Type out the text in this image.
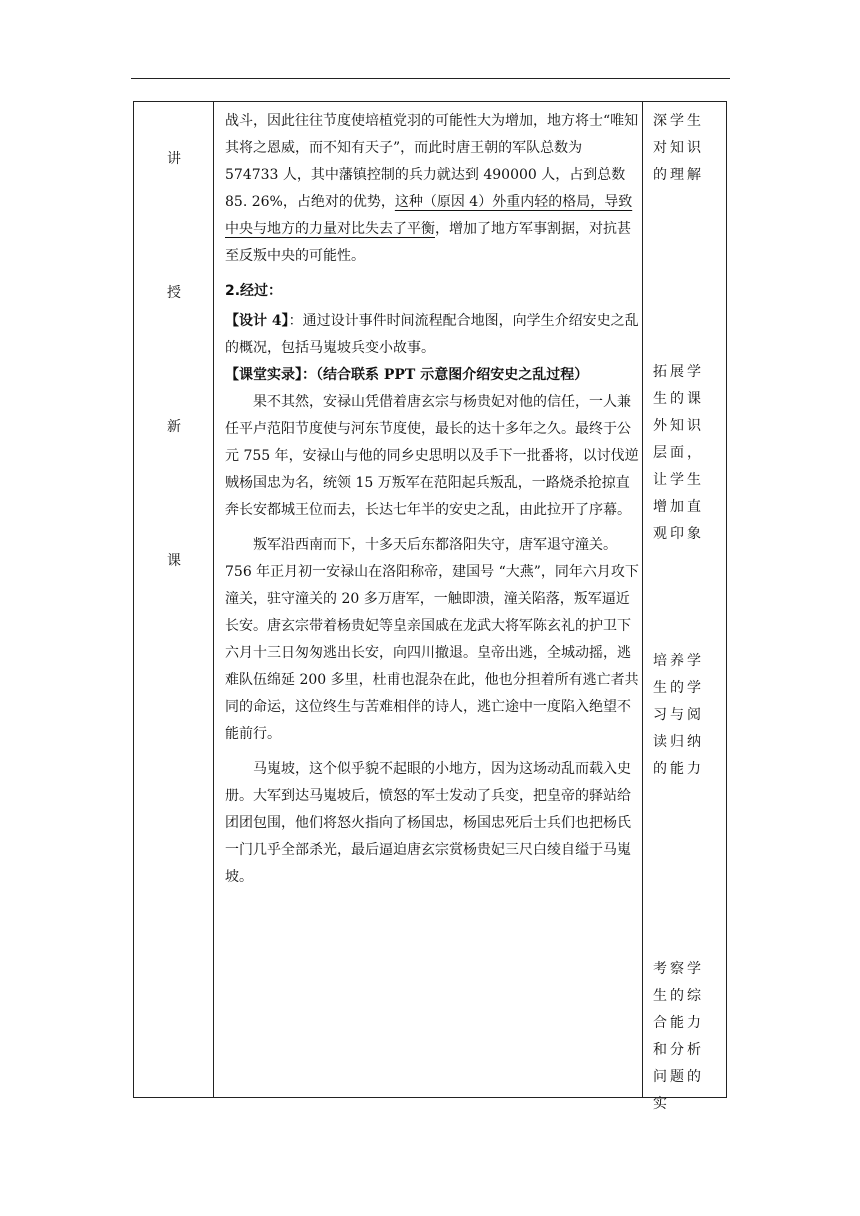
讲
授
新
课

战斗，因此往往节度使培植党羽的可能性大为增加，地方将士“唯知其将之恩威，而不知有天子”，而此时唐王朝的军队总数为 574733 人，其中藩镇控制的兵力就达到 490000 人，占到总数 85. 26%，占绝对的优势，这种（原因 4）外重内轻的格局，导致中央与地方的力量对比失去了平衡，增加了地方军事割据，对抗甚至反叛中央的可能性。

2.经过：

【设计 4】：通过设计事件时间流程配合地图，向学生介绍安史之乱的概况，包括马嵬坡兵变小故事。

【课堂实录】：（结合联系 PPT 示意图介绍安史之乱过程）

果不其然，安禄山凭借着唐玄宗与杨贵妃对他的信任，一人兼任平卢范阳节度使与河东节度使，最长的达十多年之久。最终于公元 755 年，安禄山与他的同乡史思明以及手下一批番将，以讨伐逆贼杨国忠为名，统领 15 万叛军在范阳起兵叛乱，一路烧杀抢掠直奔长安都城王位而去，长达七年半的安史之乱，由此拉开了序幕。

叛军沿西南而下，十多天后东都洛阳失守，唐军退守潼关。756 年正月初一安禄山在洛阳称帝，建国号 “大燕”，同年六月攻下潼关，驻守潼关的 20 多万唐军，一触即溃，潼关陷落，叛军逼近长安。唐玄宗带着杨贵妃等皇亲国戚在龙武大将军陈玄礼的护卫下六月十三日匆匆逃出长安，向四川撤退。皇帝出逃，全城动摇，逃难队伍绵延 200 多里，杜甫也混杂在此，他也分担着所有逃亡者共同的命运，这位终生与苦难相伴的诗人，逃亡途中一度陷入绝望不能前行。

马嵬坡，这个似乎貌不起眼的小地方，因为这场动乱而载入史册。大军到达马嵬坡后，愤怒的军士发动了兵变，把皇帝的驿站给团团包围，他们将怒火指向了杨国忠，杨国忠死后士兵们也把杨氏一门几乎全部杀光，最后逼迫唐玄宗赏杨贵妃三尺白绫自缢于马嵬坡。

深学生对知识的理解
拓展学生的课外知识层面，让学生增加直观印象
培养学生的学习与阅读归纳的能力
考察学生的综合能力和分析问题的实
